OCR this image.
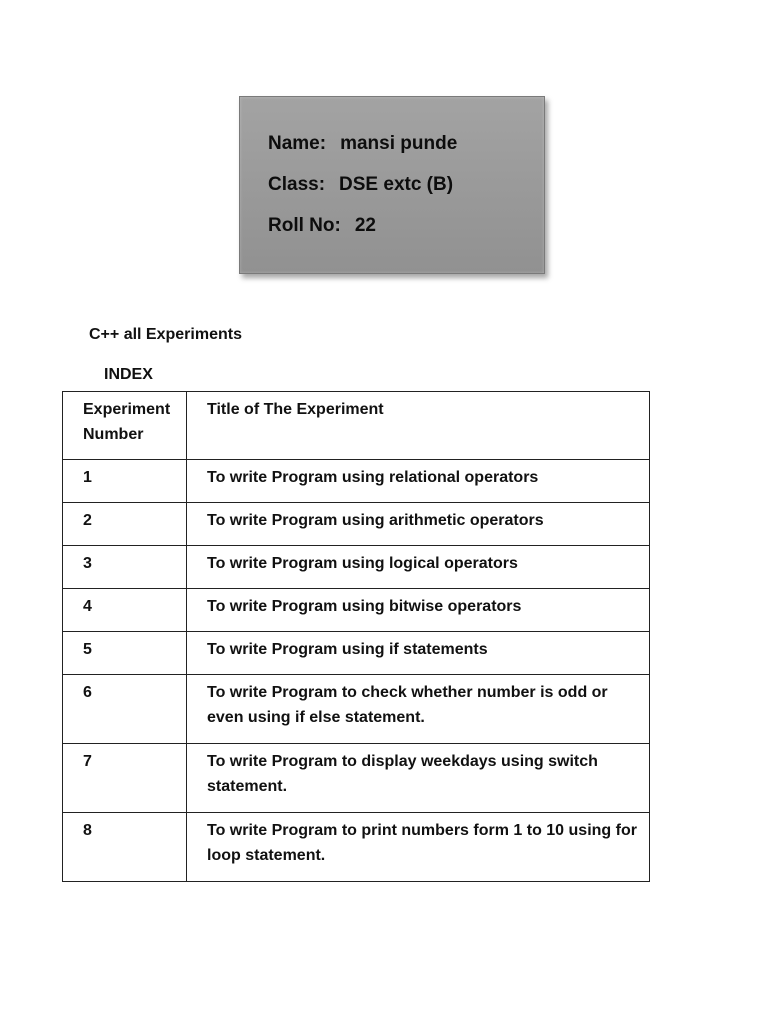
Name: mansi punde
Class: DSE extc (B)
Roll No: 22
C++ all Experiments
INDEX
Experiment Number	Title of The Experiment
1	To write Program using relational operators
2	To write Program using arithmetic operators
3	To write Program using logical operators
4	To write Program using bitwise operators
5	To write Program using if statements
6	To write Program to check whether number is odd or even using if else statement.
7	To write Program to display weekdays using switch statement.
8	To write Program to print numbers form 1 to 10 using for loop statement.
